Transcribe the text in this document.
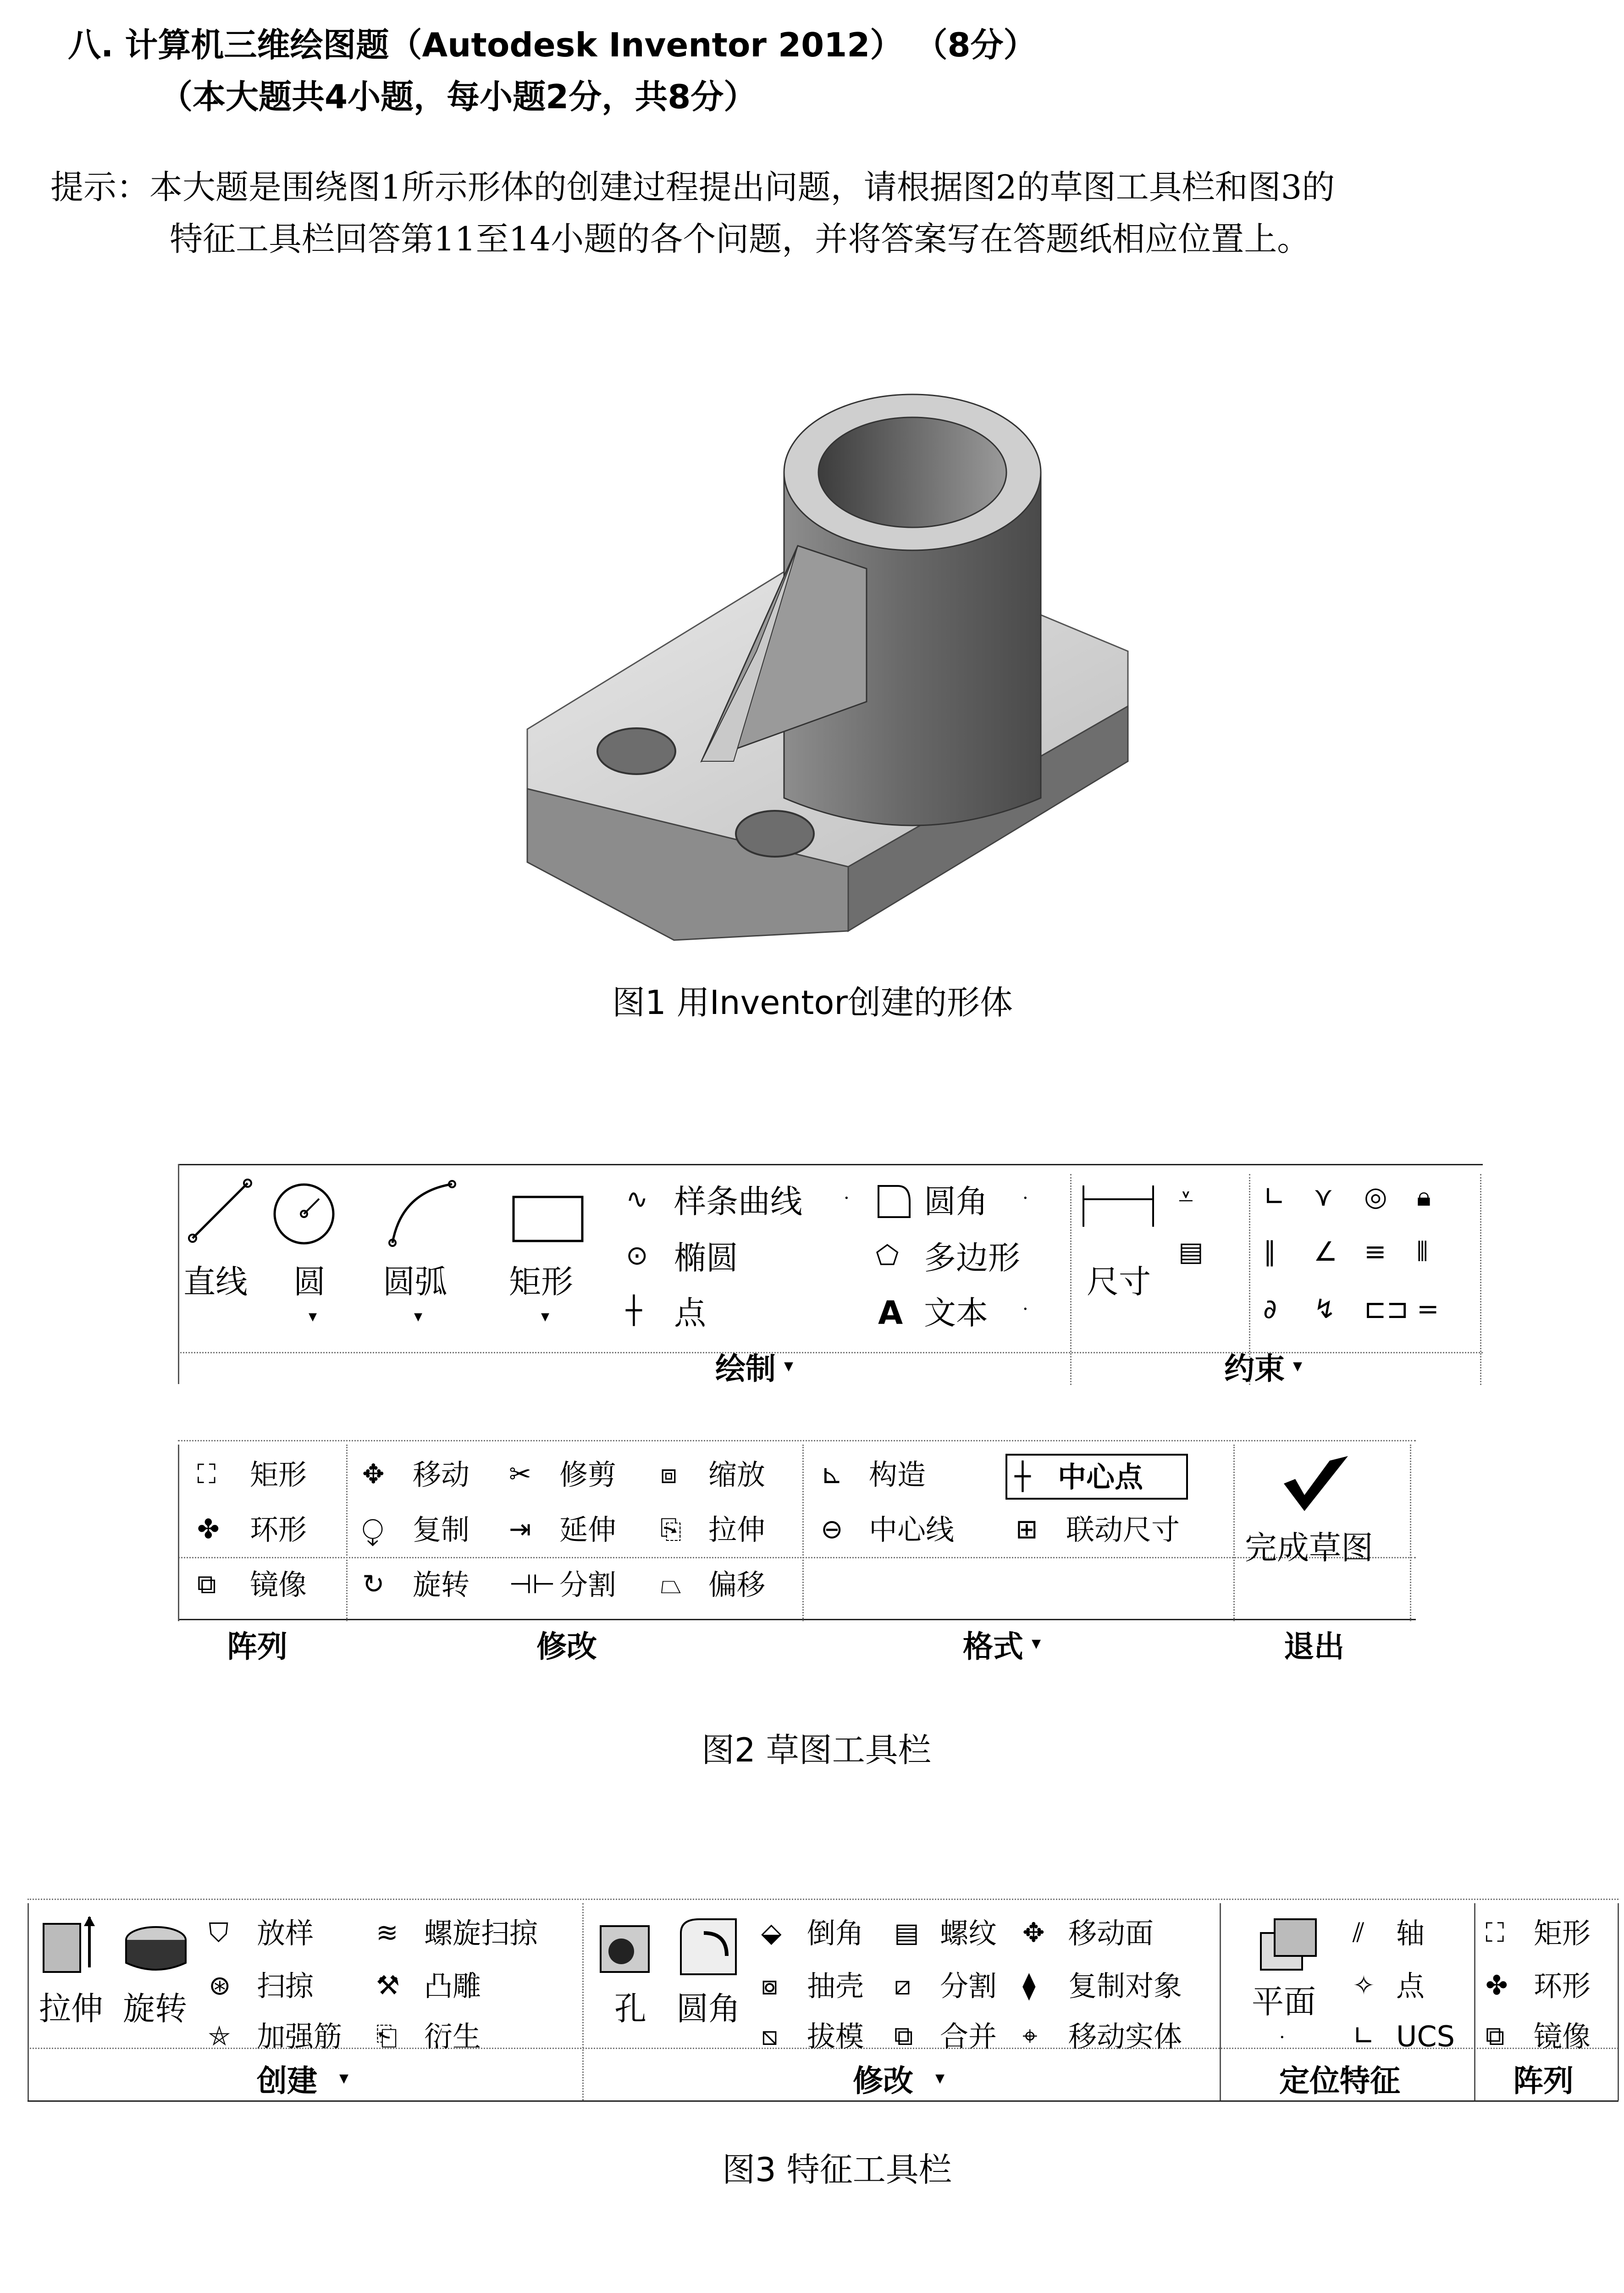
八. 计算机三维绘图题（Autodesk Inventor 2012） （8分）
（本大题共4小题，每小题2分，共8分）
提示：本大题是围绕图1所示形体的创建过程提出问题，请根据图2的草图工具栏和图3的
特征工具栏回答第11至14小题的各个问题，并将答案写在答题纸相应位置上。
图1 用Inventor创建的形体
直线 圆
▾
圆弧
▾
矩形
▾
∿ 样条曲线 ·
⊙ 椭圆
┼ 点
圆角 ·
⬠ 多边形
A 文本 ·
尺寸
⩡
▤
∟ ⋎ ◎ 🔒︎
∥ ∠ ≡ ⫴
∂ ↯ ⊏⊐ =
绘制 ▾	约束 ▾
⛶ 矩形
✤ 环形
⧉ 镜像
阵列
✥ 移动 ✂ 修剪 ⧈ 缩放
⧬ 复制 ⇥ 延伸 ⎘ 拉伸
↻ 旋转 ⊣⊢ 分割 ⏢ 偏移
修改
⊾ 构造	┼ 中心点
⊖ 中心线 ⊞ 联动尺寸
格式 ▾
完成草图
退出
图2 草图工具栏
拉伸 旋转
⛉ 放样
⊛ 扫掠
⛤ 加强筋
≋ 螺旋扫掠
⚒ 凸雕
⎗ 衍生
创建 ▾
孔 圆角
⬙ 倒角
⧇ 抽壳
⧅ 拔模
▤ 螺纹
⧄ 分割
⧉ 合并
✥ 移动面
⧫ 复制对象
⌖ 移动实体
修改 ▾
平面
·
⫽ 轴
✧ 点
∟ UCS
定位特征
⛶ 矩形
✤ 环形
⧉ 镜像
阵列
图3 特征工具栏
